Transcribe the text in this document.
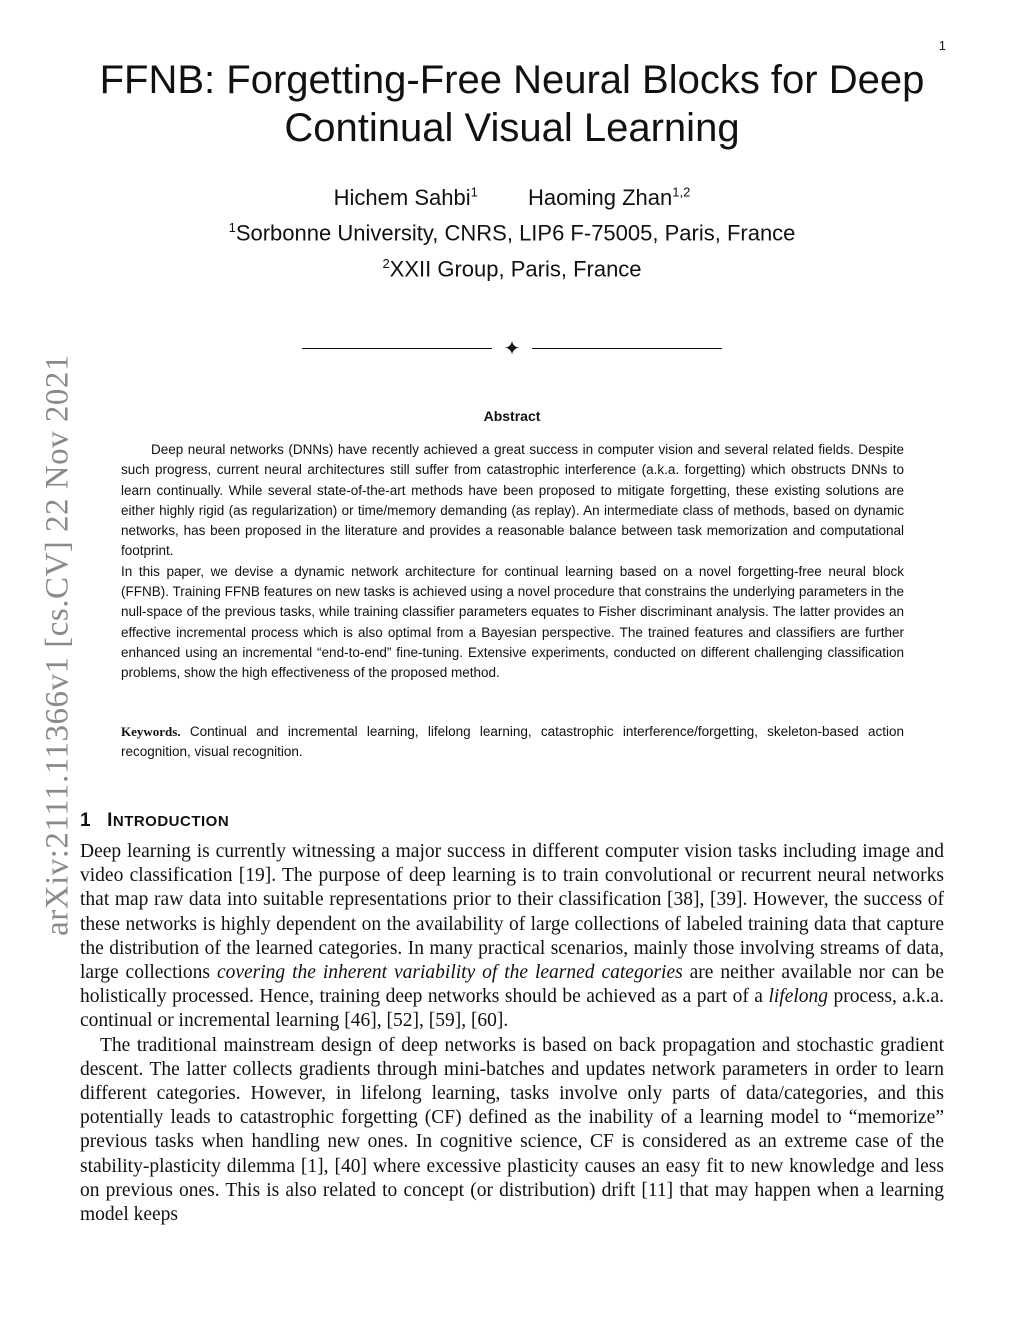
1
arXiv:2111.11366v1 [cs.CV] 22 Nov 2021
FFNB: Forgetting-Free Neural Blocks for Deep
Continual Visual Learning
Hichem Sahbi$^1$ Haoming Zhan$^{1,2}$
$^1$Sorbonne University, CNRS, LIP6 F-75005, Paris, France
$^2$XXII Group, Paris, France
✦
Abstract

Deep neural networks (DNNs) have recently achieved a great success in computer vision and several related fields. Despite such progress, current neural architectures still suffer from catastrophic interference (a.k.a. forgetting) which obstructs DNNs to learn continually. While several state-of-the-art methods have been proposed to mitigate forgetting, these existing solutions are either highly rigid (as regularization) or time/memory demanding (as replay). An intermediate class of methods, based on dynamic networks, has been proposed in the literature and provides a reasonable balance between task memorization and computational footprint.

In this paper, we devise a dynamic network architecture for continual learning based on a novel forgetting-free neural block (FFNB). Training FFNB features on new tasks is achieved using a novel procedure that constrains the underlying parameters in the null-space of the previous tasks, while training classifier parameters equates to Fisher discriminant analysis. The latter provides an effective incremental process which is also optimal from a Bayesian perspective. The trained features and classifiers are further enhanced using an incremental “end-to-end” fine-tuning. Extensive experiments, conducted on different challenging classification problems, show the high effectiveness of the proposed method.

Keywords. Continual and incremental learning, lifelong learning, catastrophic interference/forgetting, skeleton-based action recognition, visual recognition.
1 INTRODUCTION

Deep learning is currently witnessing a major success in different computer vision tasks including image and video classification [19]. The purpose of deep learning is to train convolutional or recurrent neural networks that map raw data into suitable representations prior to their classification [38], [39]. However, the success of these networks is highly dependent on the availability of large collections of labeled training data that capture the distribution of the learned categories. In many practical scenarios, mainly those involving streams of data, large collections covering the inherent variability of the learned categories are neither available nor can be holistically processed. Hence, training deep networks should be achieved as a part of a lifelong process, a.k.a. continual or incremental learning [46], [52], [59], [60].

The traditional mainstream design of deep networks is based on back propagation and stochastic gradient descent. The latter collects gradients through mini-batches and updates network parameters in order to learn different categories. However, in lifelong learning, tasks involve only parts of data/categories, and this potentially leads to catastrophic forgetting (CF) defined as the inability of a learning model to “memorize” previous tasks when handling new ones. In cognitive science, CF is considered as an extreme case of the stability-plasticity dilemma [1], [40] where excessive plasticity causes an easy fit to new knowledge and less on previous ones. This is also related to concept (or distribution) drift [11] that may happen when a learning model keeps
